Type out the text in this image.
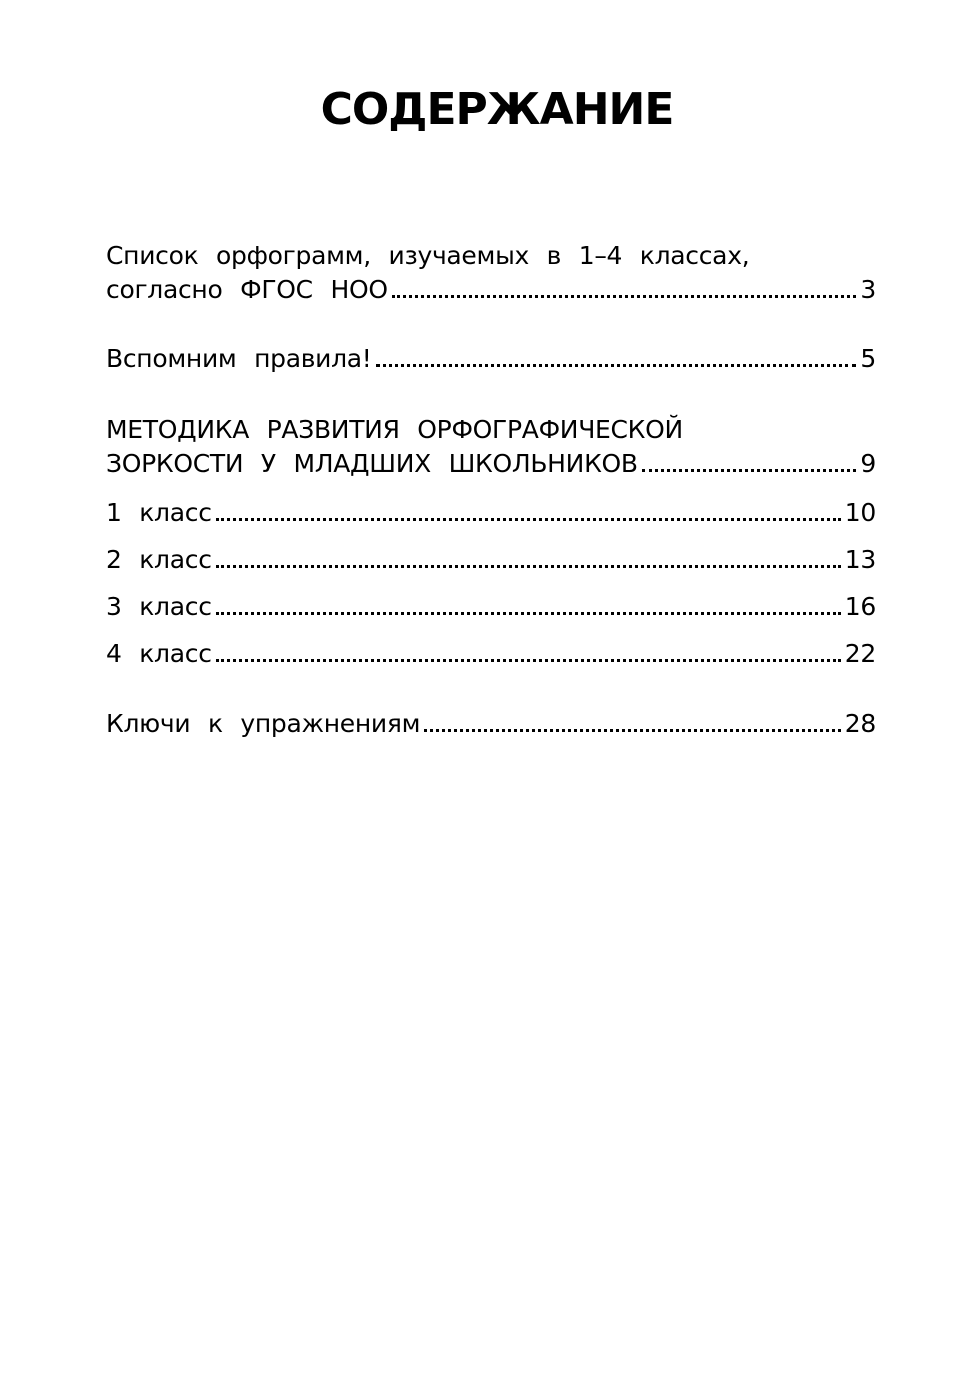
СОДЕРЖАНИЕ
Список орфограмм, изучаемых в 1–4 классах,
согласно ФГОС НОО	3
Вспомним правила!	5
МЕТОДИКА РАЗВИТИЯ ОРФОГРАФИЧЕСКОЙ
ЗОРКОСТИ У МЛАДШИХ ШКОЛЬНИКОВ	9
1 класс	10
2 класс	13
3 класс	16
4 класс	22
Ключи к упражнениям	28
